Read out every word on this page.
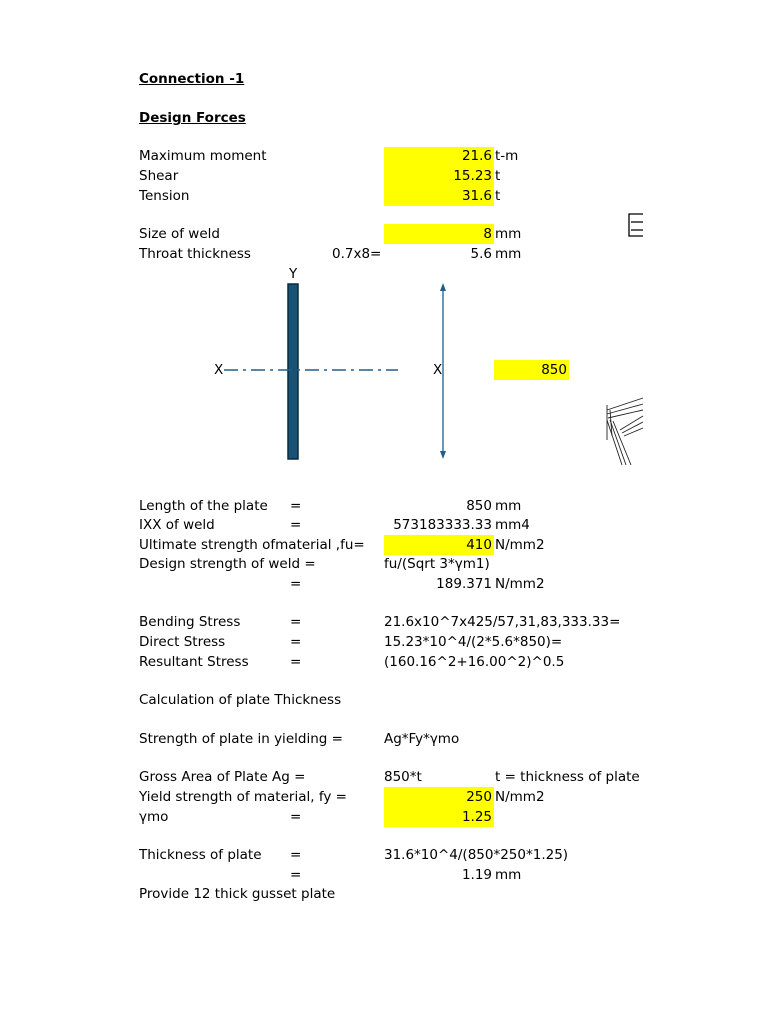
Connection -1
Design Forces
Maximum moment	21.6 t-m
Shear	15.23 t
Tension	31.6 t
Size of weld	8 mm
Throat thickness	0.7x8=	5.6 mm
Y
X	X	850
Length of the plate =	850 mm
IXX of weld	=	573183333.33 mm4
Ultimate strength ofmaterial ,fu=	410 N/mm2
Design strength of weld =	fu/(Sqrt 3*γm1)
=	189.371 N/mm2
Bending Stress	=	21.6x10^7x425/57,31,83,333.33=
Direct Stress	=	15.23*10^4/(2*5.6*850)=
Resultant Stress	=	(160.16^2+16.00^2)^0.5
Calculation of plate Thickness
Strength of plate in yielding =	Ag*Fy*γmo
Gross Area of Plate Ag =	850*t	t = thickness of plate
Yield strength of material, fy =	250 N/mm2
γmo	=	1.25
Thickness of plate =	31.6*10^4/(850*250*1.25)
=	1.19 mm
Provide 12 thick gusset plate
